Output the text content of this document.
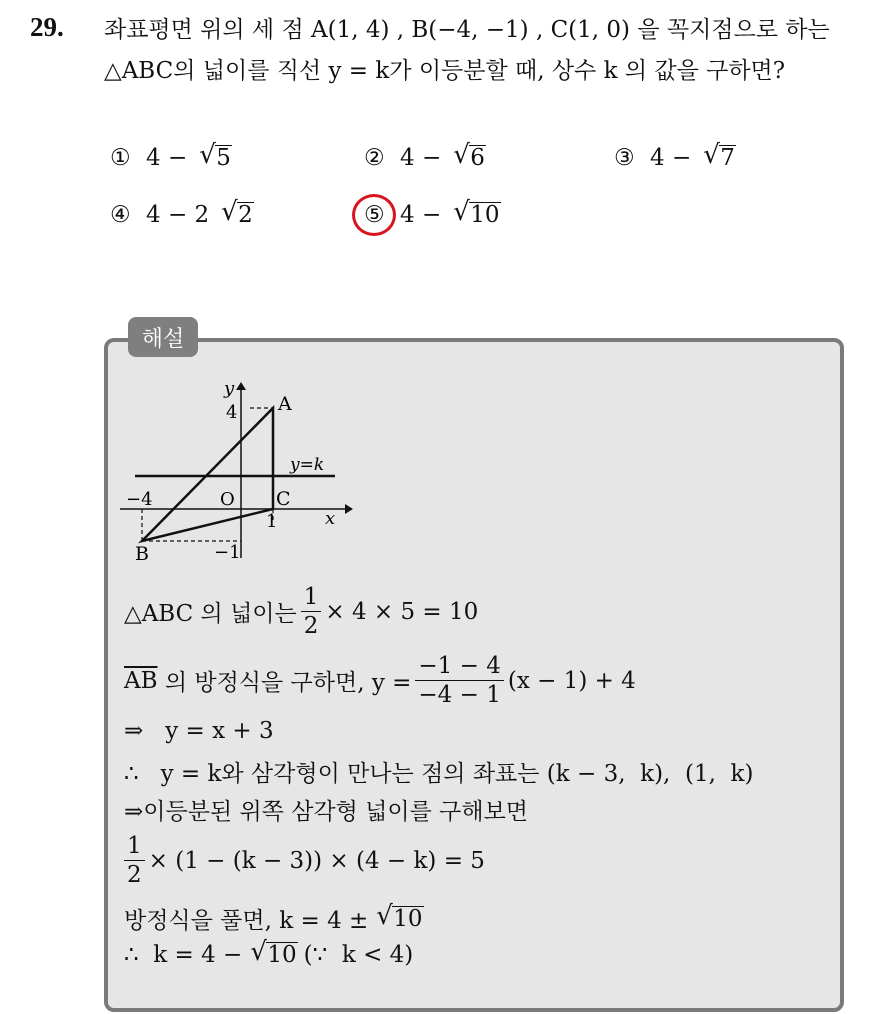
29. 좌표평면 위의 세 점 A(1, 4) , B(−4, −1) , C(1, 0) 을 꼭지점으로 하는
△ABC의 넓이를 직선 y = k가 이등분할 때, 상수 k 의 값을 구하면?
① 4 −	√ 5	② 4 −	√ 6	③ 4 −	√ 7
④ 4 − 2	√ 2	⑤ 4 −	√ 10
해설
y
x
O
A
B
C
y=k
4
−4
1
−1
△ABC 의 넓이는 $\frac{1}{2} \times 4 \times 5 = 10$
$\overline{AB}$ 의 방정식을 구하면, $y = \frac{-1 - 4}{-4 - 1} (x - 1) + 4$
⇒   y = x + 3
∴   y = k와 삼각형이 만나는 점의 좌표는 (k − 3,  k),  (1,  k)
⇒이등분된 위쪽 삼각형 넓이를 구해보면
$\frac{1}{2} \times (1 - (k - 3)) \times (4 - k) = 5$
방정식을 풀면, k = 4 ±	√ 10
∴  k = 4 −	√ 10 (∵  k < 4)
